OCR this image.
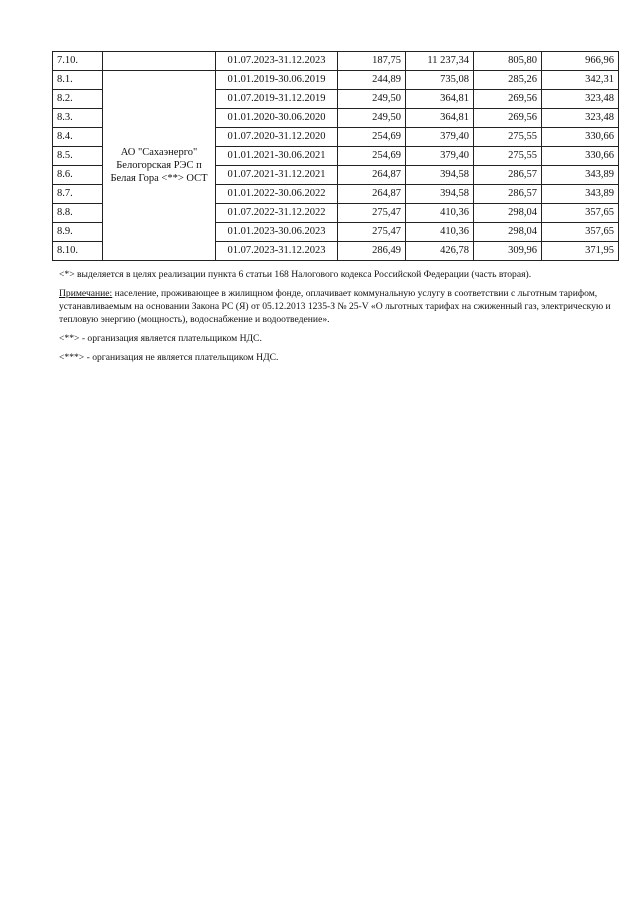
7.10.		01.07.2023-31.12.2023	187,75	11 237,34	805,80	966,96
8.1.	АО "Сахаэнерго" Белогорская РЭС п Белая Гора <**> ОСТ	01.01.2019-30.06.2019	244,89	735,08	285,26	342,31
8.2.		01.07.2019-31.12.2019	249,50	364,81	269,56	323,48
8.3.		01.01.2020-30.06.2020	249,50	364,81	269,56	323,48
8.4.		01.07.2020-31.12.2020	254,69	379,40	275,55	330,66
8.5.		01.01.2021-30.06.2021	254,69	379,40	275,55	330,66
8.6.		01.07.2021-31.12.2021	264,87	394,58	286,57	343,89
8.7.		01.01.2022-30.06.2022	264,87	394,58	286,57	343,89
8.8.		01.07.2022-31.12.2022	275,47	410,36	298,04	357,65
8.9.		01.01.2023-30.06.2023	275,47	410,36	298,04	357,65
8.10.		01.07.2023-31.12.2023	286,49	426,78	309,96	371,95

<*> выделяется в целях реализации пункта 6 статьи 168 Налогового кодекса Российской Федерации (часть вторая).

Примечание: население, проживающее в жилищном фонде, оплачивает коммунальную услугу в соответствии с льготным тарифом, устанавливаемым на основании Закона РС (Я) от 05.12.2013 1235-З № 25-V «О льготных тарифах на сжиженный газ, электрическую и тепловую энергию (мощность), водоснабжение и водоотведение».

<**> - организация является плательщиком НДС.

<***> - организация не является плательщиком НДС.
